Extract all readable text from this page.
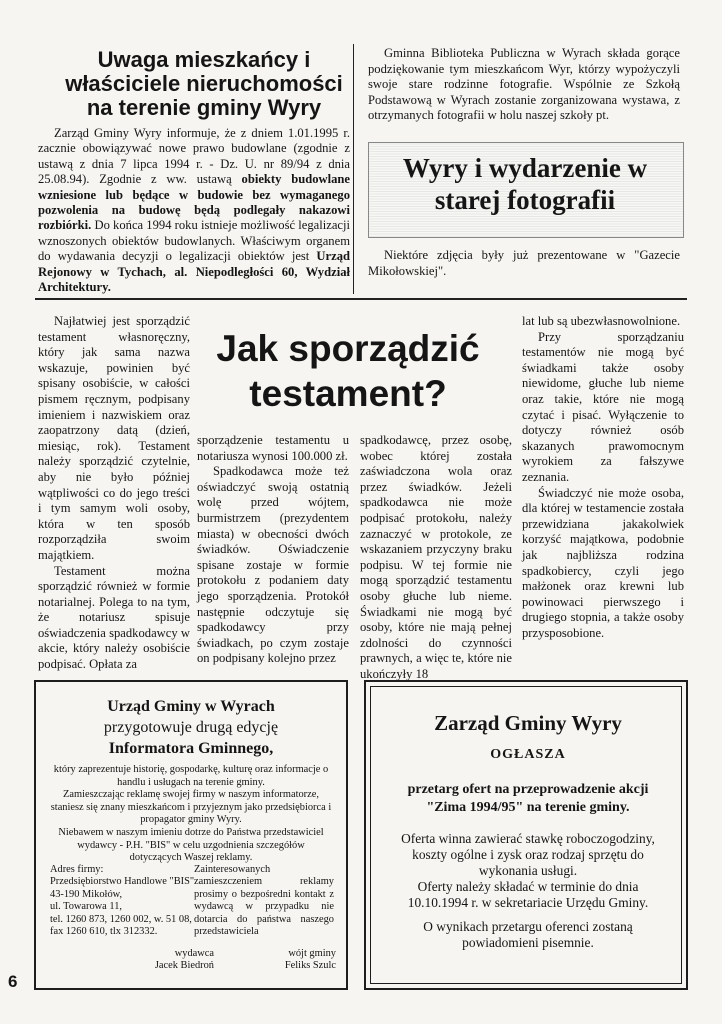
Uwaga mieszkańcy i właściciele nieruchomości na terenie gminy Wyry

Zarząd Gminy Wyry informuje, że z dniem 1.01.1995 r. zacznie obowiązywać nowe prawo budowlane (zgodnie z ustawą z dnia 7 lipca 1994 r. - Dz. U. nr 89/94 z dnia 25.08.94). Zgodnie z ww. ustawą obiekty budowlane wzniesione lub będące w budowie bez wymaganego pozwolenia na budowę będą podlegały nakazowi rozbiórki. Do końca 1994 roku istnieje możliwość legalizacji wznoszonych obiektów budowlanych. Właściwym organem do wydawania decyzji o legalizacji obiektów jest Urząd Rejonowy w Tychach, al. Niepodległości 60, Wydział Architektury.

Gminna Biblioteka Publiczna w Wyrach składa gorące podziękowanie tym mieszkańcom Wyr, którzy wypożyczyli swoje stare rodzinne fotografie. Wspólnie ze Szkołą Podstawową w Wyrach zostanie zorganizowana wystawa, z otrzymanych fotografii w holu naszej szkoły pt.

Wyry i wydarzenie w starej fotografii
Niektóre zdjęcia były już prezentowane w "Gazecie Mikołowskiej".
Jak sporządzić testament?

Najłatwiej jest sporządzić testament własnoręczny, który jak sama nazwa wskazuje, powinien być spisany osobiście, w całości pismem ręcznym, podpisany imieniem i nazwiskiem oraz zaopatrzony datą (dzień, miesiąc, rok). Testament należy sporządzić czytelnie, aby nie było później wątpliwości co do jego treści i tym samym woli osoby, która w ten sposób rozporządziła swoim majątkiem.

Testament można sporządzić również w formie notarialnej. Polega to na tym, że notariusz spisuje oświadczenia spadkodawcy w akcie, który należy osobiście podpisać. Opłata za

sporządzenie testamentu u notariusza wynosi 100.000 zł.

Spadkodawca może też oświadczyć swoją ostatnią wolę przed wójtem, burmistrzem (prezydentem miasta) w obecności dwóch świadków. Oświadczenie spisane zostaje w formie protokołu z podaniem daty jego sporządzenia. Protokół następnie odczytuje się spadkodawcy przy świadkach, po czym zostaje on podpisany kolejno przez

spadkodawcę, przez osobę, wobec której została zaświadczona wola oraz przez świadków. Jeżeli spadkodawca nie może podpisać protokołu, należy zaznaczyć w protokole, ze wskazaniem przyczyny braku podpisu. W tej formie nie mogą sporządzić testamentu osoby głuche lub nieme. Świadkami nie mogą być osoby, które nie mają pełnej zdolności do czynności prawnych, a więc te, które nie ukończyły 18

lat lub są ubezwłasnowolnione.

Przy sporządzaniu testamentów nie mogą być świadkami także osoby niewidome, głuche lub nieme oraz takie, które nie mogą czytać i pisać. Wyłączenie to dotyczy również osób skazanych prawomocnym wyrokiem za fałszywe zeznania.

Świadczyć nie może osoba, dla której w testamencie została przewidziana jakakolwiek korzyść majątkowa, podobnie jak najbliższa rodzina spadkobiercy, czyli jego małżonek oraz krewni lub powinowaci pierwszego i drugiego stopnia, a także osoby przysposobione.

Urząd Gminy w Wyrach
przygotowuje drugą edycję
Informatora Gminnego,

który zaprezentuje historię, gospodarkę, kulturę oraz informacje o handlu i usługach na terenie gminy.

Zamieszczając reklamę swojej firmy w naszym informatorze, staniesz się znany mieszkańcom i przyjeznym jako przedsiębiorca i propagator gminy Wyry.

Niebawem w naszym imieniu dotrze do Państwa przedstawiciel wydawcy - P.H. "BIS" w celu uzgodnienia szczegółów dotyczących Waszej reklamy.

Adres firmy:
Przedsiębiorstwo Handlowe "BIS"
43-190 Mikołów,
ul. Towarowa 11,
tel. 1260 873, 1260 002, w. 51 08,
fax 1260 610, tlx 312332.
Zainteresowanych zamieszczeniem reklamy prosimy o bezpośredni kontakt z wydawcą w przypadku nie dotarcia do państwa naszego przedstawiciela
wydawca
Jacek Biedroń
wójt gminy
Feliks Szulc
Zarząd Gminy Wyry
OGŁASZA
przetarg ofert na przeprowadzenie akcji "Zima 1994/95" na terenie gminy.

Oferta winna zawierać stawkę roboczogodziny, koszty ogólne i zysk oraz rodzaj sprzętu do wykonania usługi.

Oferty należy składać w terminie do dnia 10.10.1994 r. w sekretariacie Urzędu Gminy.

O wynikach przetargu oferenci zostaną powiadomieni pisemnie.

6
